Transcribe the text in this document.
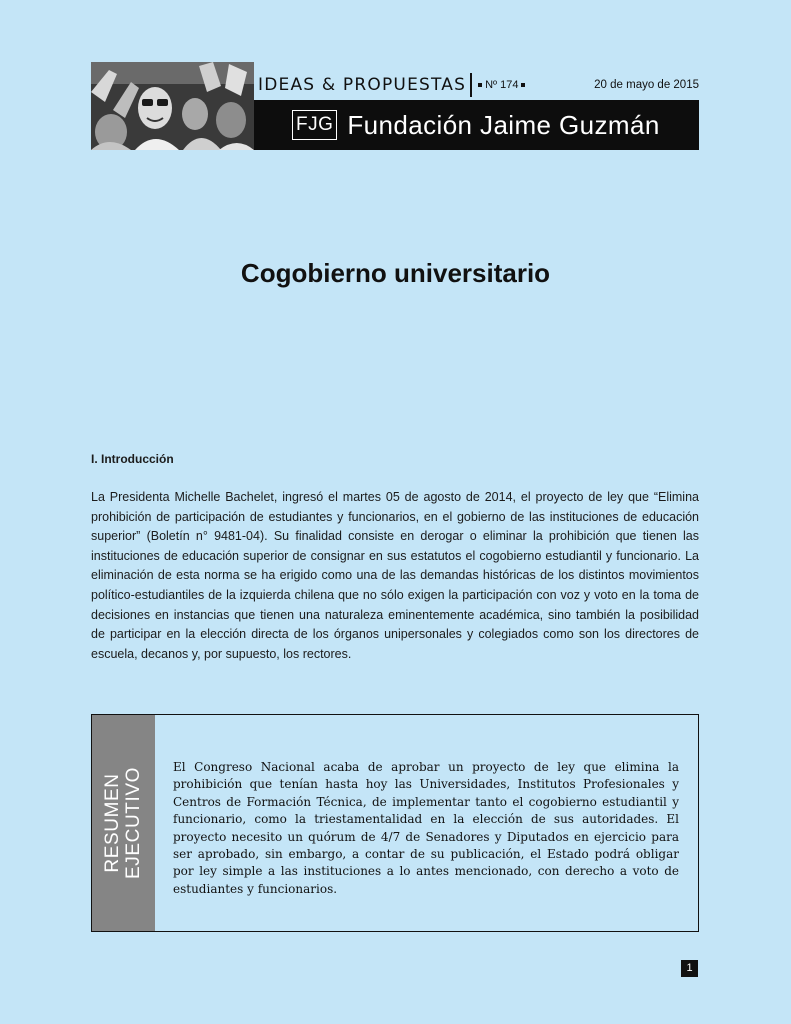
IDEAS & PROPUESTAS Nº 174	20 de mayo de 2015
FJG Fundación Jaime Guzmán
Cogobierno universitario
I. Introducción

La Presidenta Michelle Bachelet, ingresó el martes 05 de agosto de 2014, el proyecto de ley que “Elimina prohibición de participación de estudiantes y funcionarios, en el gobierno de las instituciones de educación superior” (Boletín n° 9481-04). Su finalidad consiste en derogar o eliminar la prohibición que tienen las instituciones de educación superior de consignar en sus estatutos el cogobierno estudiantil y funcionario. La eliminación de esta norma se ha erigido como una de las demandas históricas de los distintos movimientos político-estudiantiles de la izquierda chilena que no sólo exigen la participación con voz y voto en la toma de decisiones en instancias que tienen una naturaleza eminentemente académica, sino también la posibilidad de participar en la elección directa de los órganos unipersonales y colegiados como son los directores de escuela, decanos y, por supuesto, los rectores.

RESUMEN EJECUTIVO El Congreso Nacional acaba de aprobar un proyecto de ley que elimina la prohibición que tenían hasta hoy las Universidades, Institutos Profesionales y Centros de Formación Técnica, de implementar tanto el cogobierno estudiantil y funcionario, como la triestamentalidad en la elección de sus autoridades. El proyecto necesito un quórum de 4/7 de Senadores y Diputados en ejercicio para ser aprobado, sin embargo, a contar de su publicación, el Estado podrá obligar por ley simple a las instituciones a lo antes mencionado, con derecho a voto de estudiantes y funcionarios.

1
